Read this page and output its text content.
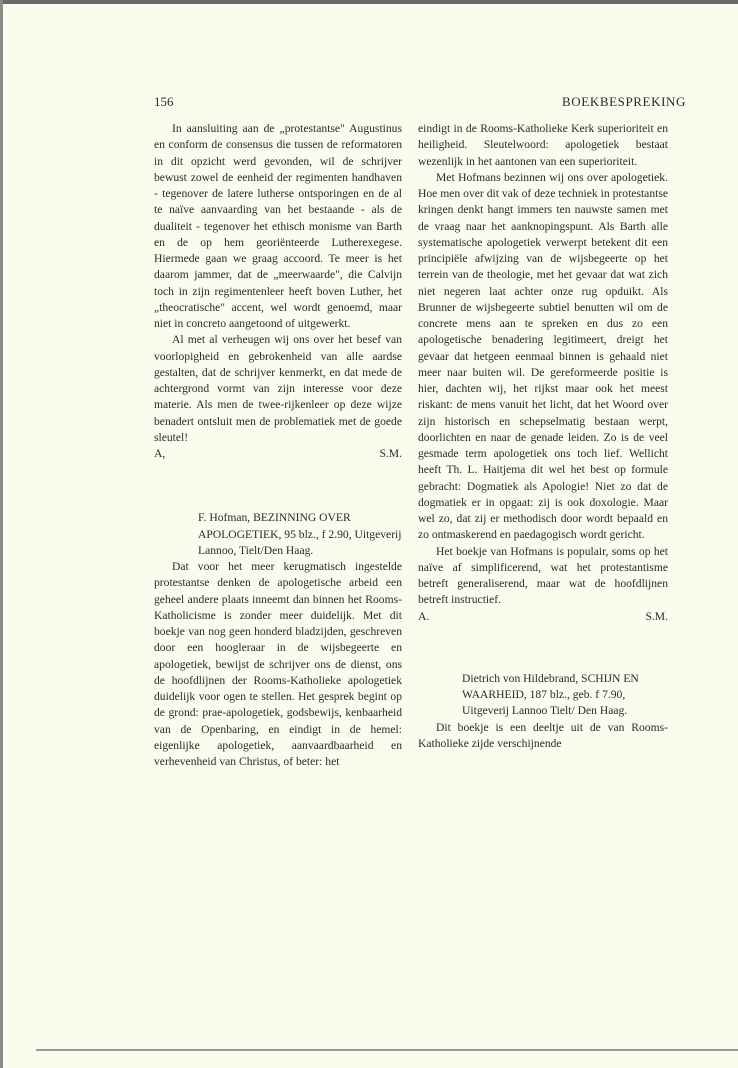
156	BOEKBESPREKING

In aansluiting aan de „protestantse" Augustinus en conform de consensus die tussen de reformatoren in dit opzicht werd gevonden, wil de schrijver bewust zowel de eenheid der regimenten handhaven - tegenover de latere lutherse ontsporingen en de al te naïve aanvaarding van het bestaande - als de dualiteit - tegenover het ethisch monisme van Barth en de op hem georiënteerde Lutherexegese. Hiermede gaan we graag accoord. Te meer is het daarom jammer, dat de „meerwaarde", die Calvijn toch in zijn regimentenleer heeft boven Luther, het „theocratische" accent, wel wordt genoemd, maar niet in concreto aangetoond of uitgewerkt.

Al met al verheugen wij ons over het besef van voorlopigheid en gebrokenheid van alle aardse gestalten, dat de schrijver kenmerkt, en dat mede de achtergrond vormt van zijn interesse voor deze materie. Als men de twee-rijkenleer op deze wijze benadert ontsluit men de problematiek met de goede sleutel!

A,	S.M.

F. Hofman, BEZINNING OVER APOLOGETIEK, 95 blz., f 2.90, Uitgeverij Lannoo, Tielt/Den Haag.

Dat voor het meer kerugmatisch ingestelde protestantse denken de apologetische arbeid een geheel andere plaats inneemt dan binnen het Rooms-Katholicisme is zonder meer duidelijk. Met dit boekje van nog geen honderd bladzijden, geschreven door een hoogleraar in de wijsbegeerte en apologetiek, bewijst de schrijver ons de dienst, ons de hoofdlijnen der Rooms-Katholieke apologetiek duidelijk voor ogen te stellen. Het gesprek begint op de grond: prae-apologetiek, godsbewijs, kenbaarheid van de Openbaring, en eindigt in de hemel: eigenlijke apologetiek, aanvaardbaarheid en verhevenheid van Christus, of beter: het

eindigt in de Rooms-Katholieke Kerk superioriteit en heiligheid. Sleutelwoord: apologetiek bestaat wezenlijk in het aantonen van een superioriteit.

Met Hofmans bezinnen wij ons over apologetiek. Hoe men over dit vak of deze techniek in protestantse kringen denkt hangt immers ten nauwste samen met de vraag naar het aanknopingspunt. Als Barth alle systematische apologetiek verwerpt betekent dit een principiële afwijzing van de wijsbegeerte op het terrein van de theologie, met het gevaar dat wat zich niet negeren laat achter onze rug opduikt. Als Brunner de wijsbegeerte subtiel benutten wil om de concrete mens aan te spreken en dus zo een apologetische benadering legitimeert, dreigt het gevaar dat hetgeen eenmaal binnen is gehaald niet meer naar buiten wil. De gereformeerde positie is hier, dachten wij, het rijkst maar ook het meest riskant: de mens vanuit het licht, dat het Woord over zijn historisch en schepselmatig bestaan werpt, doorlichten en naar de genade leiden. Zo is de veel gesmade term apologetiek ons toch lief. Wellicht heeft Th. L. Haitjema dit wel het best op formule gebracht: Dogmatiek als Apologie! Niet zo dat de dogmatiek er in opgaat: zij is ook doxologie. Maar wel zo, dat zij er methodisch door wordt bepaald en zo ontmaskerend en paedagogisch wordt gericht.

Het boekje van Hofmans is populair, soms op het naïve af simplificerend, wat het protestantisme betreft generaliserend, maar wat de hoofdlijnen betreft instructief.

A.	S.M.

Dietrich von Hildebrand, SCHIJN EN WAARHEID, 187 blz., geb. f 7.90, Uitgeverij Lannoo Tielt/ Den Haag.

Dit boekje is een deeltje uit de van Rooms-Katholieke zijde verschijnende
